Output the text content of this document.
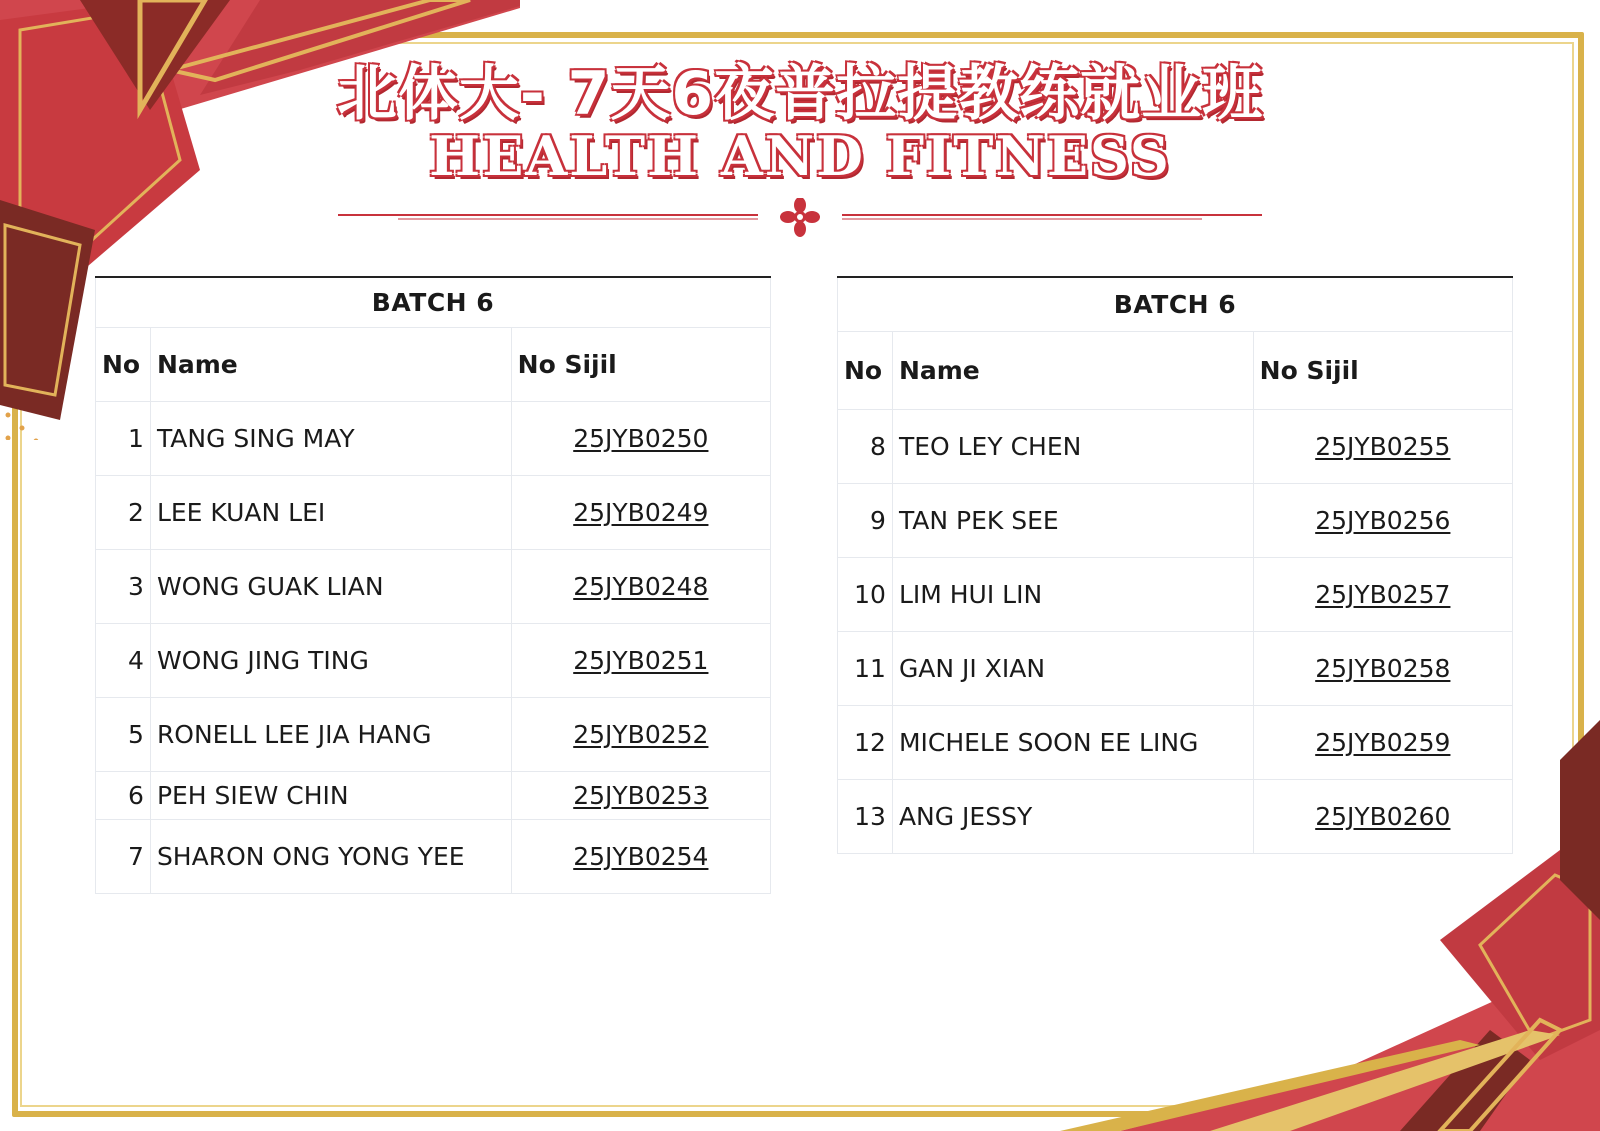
北体大- 7天6夜普拉提教练就业班
HEALTH AND FITNESS
BATCH 6		
No	Name	No Sijil
1	TANG SING MAY	25JYB0250
2	LEE KUAN LEI	25JYB0249
3	WONG GUAK LIAN	25JYB0248
4	WONG JING TING	25JYB0251
5	RONELL LEE JIA HANG	25JYB0252
6	PEH SIEW CHIN	25JYB0253
7	SHARON ONG YONG YEE	25JYB0254
BATCH 6		
No	Name	No Sijil
8	TEO LEY CHEN	25JYB0255
9	TAN PEK SEE	25JYB0256
10	LIM HUI LIN	25JYB0257
11	GAN JI XIAN	25JYB0258
12	MICHELE SOON EE LING	25JYB0259
13	ANG JESSY	25JYB0260
